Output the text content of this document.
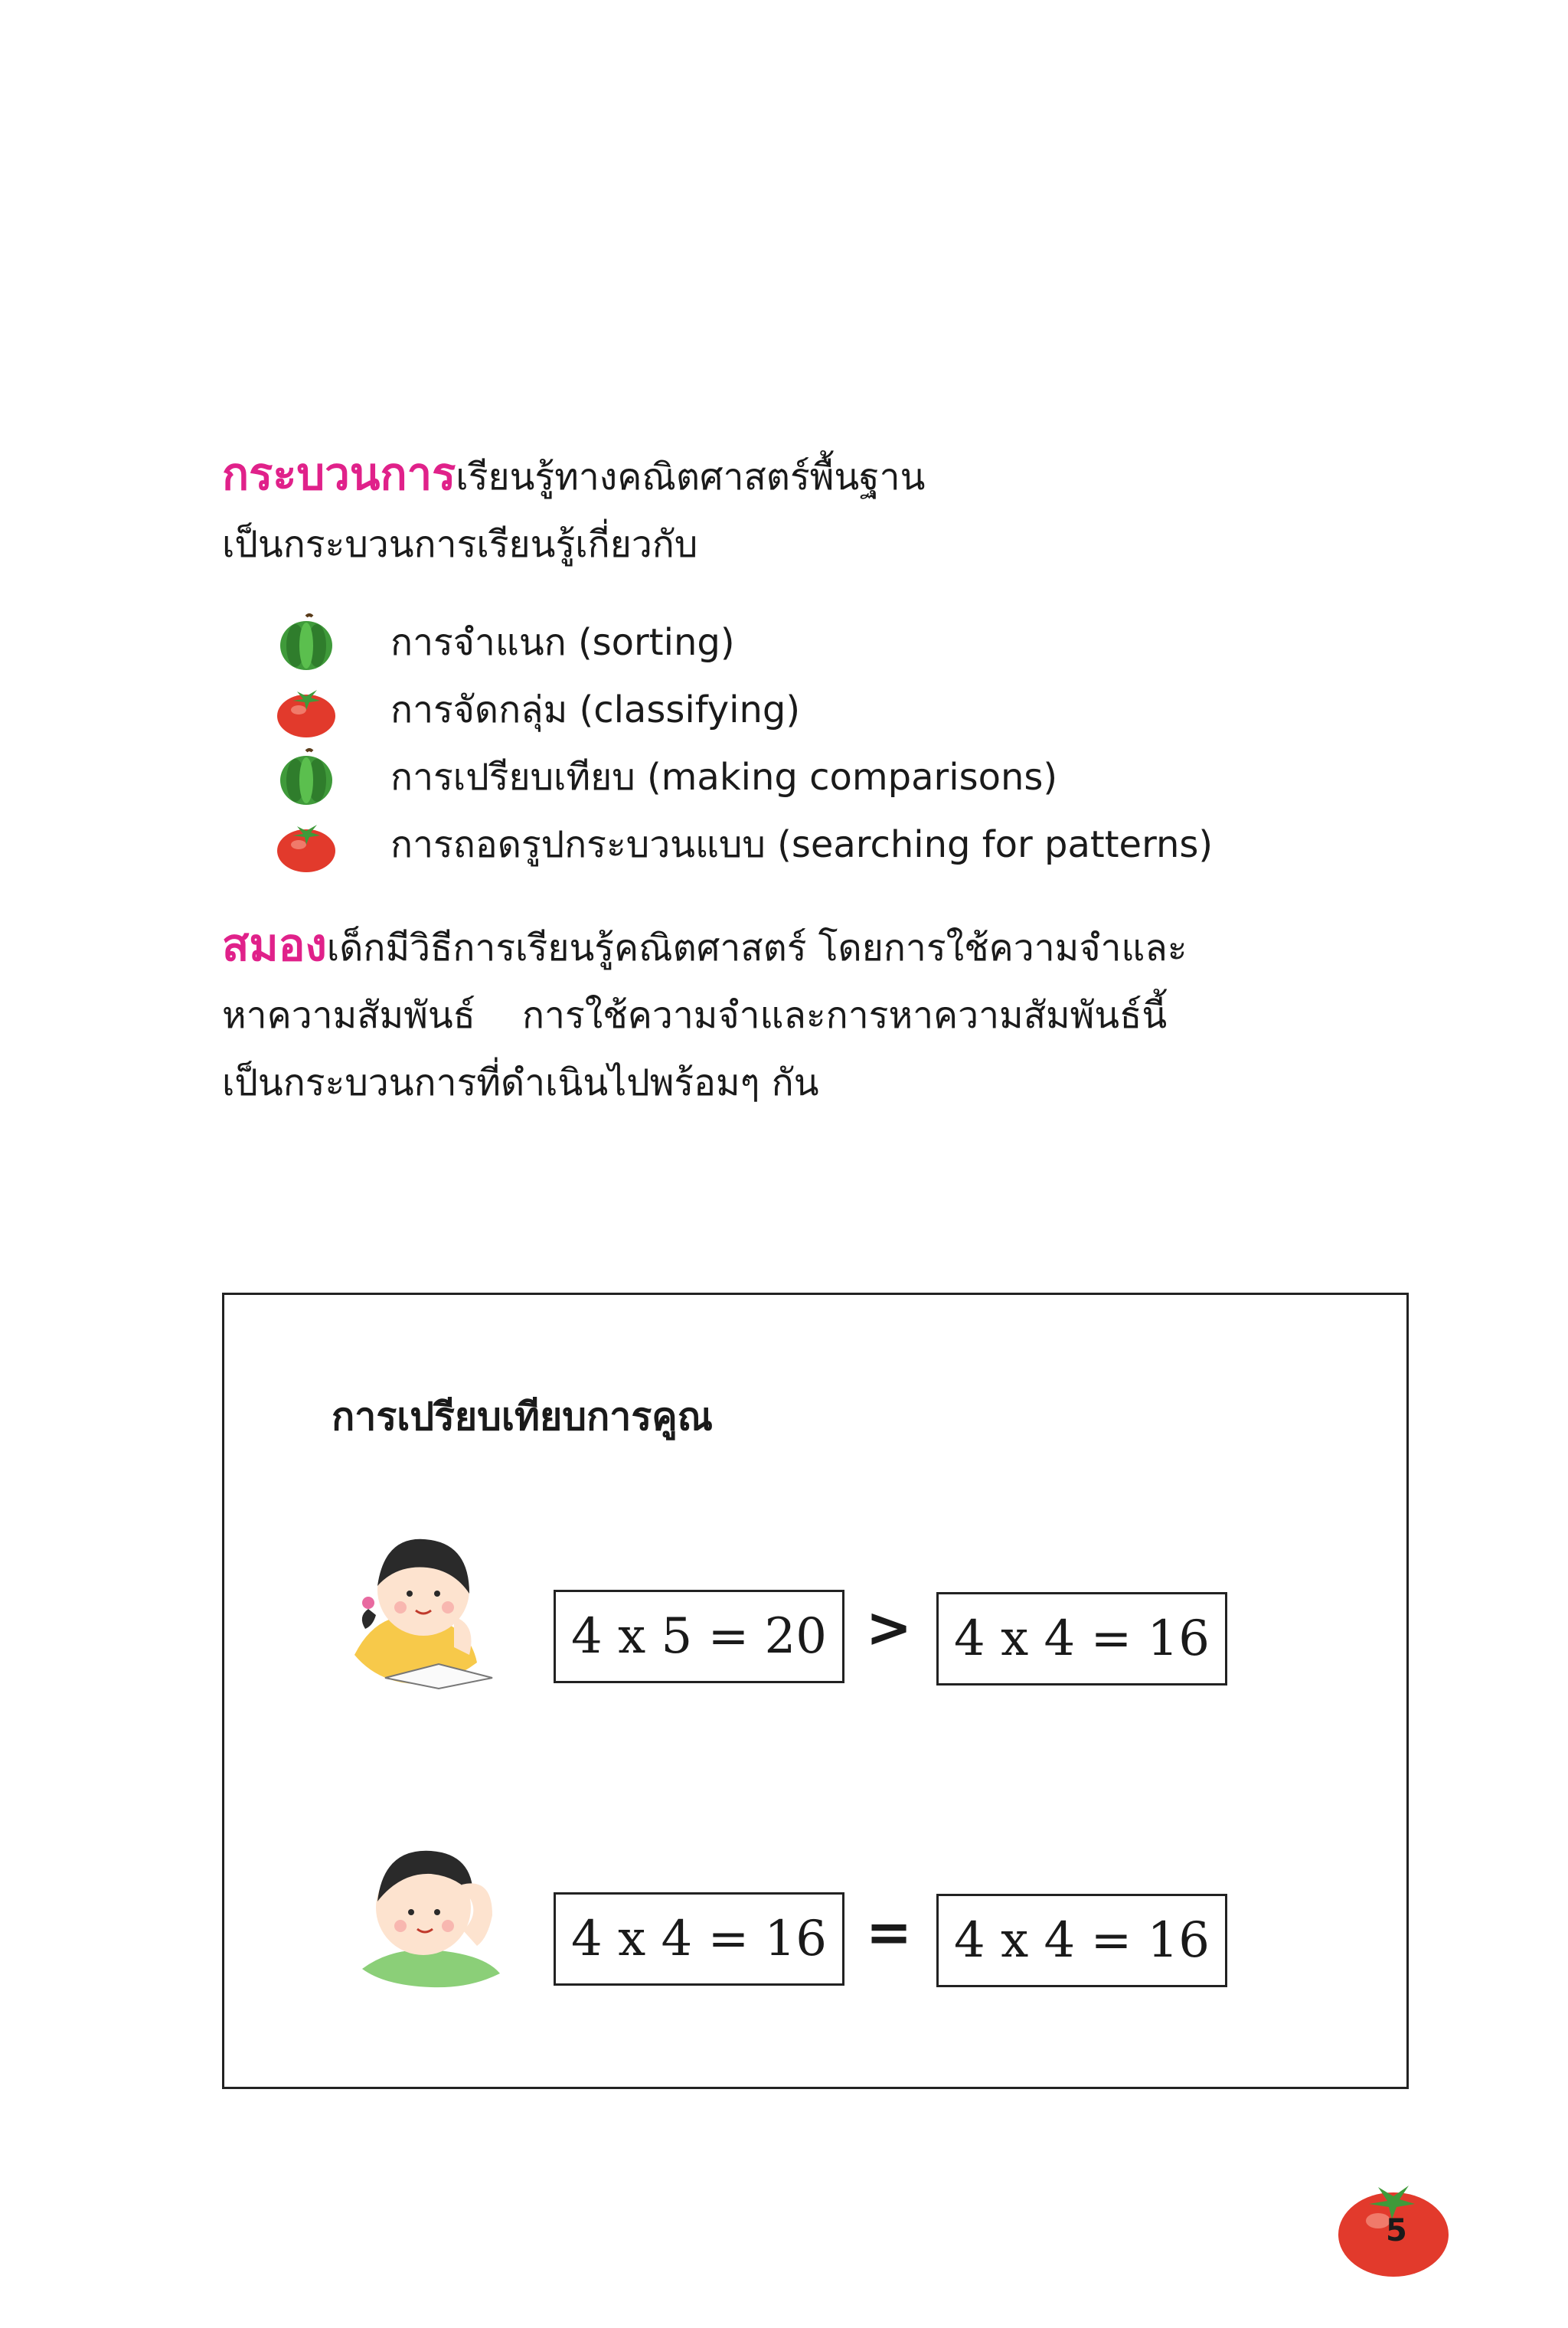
กระบวนการเรียนรู้ทางคณิตศาสตร์พื้นฐาน
เป็นกระบวนการเรียนรู้เกี่ยวกับ
การจำแนก (sorting)
การจัดกลุ่ม (classifying)
การเปรียบเทียบ (making comparisons)
การถอดรูปกระบวนแบบ (searching for patterns)
สมองเด็กมีวิธีการเรียนรู้คณิตศาสตร์ โดยการใช้ความจำและ
หาความสัมพันธ์    การใช้ความจำและการหาความสัมพันธ์นี้
เป็นกระบวนการที่ดำเนินไปพร้อมๆ กัน
การเปรียบเทียบการคูณ
4 x 5 = 20 > 4 x 4 = 16
4 x 4 = 16 = 4 x 4 = 16
5
